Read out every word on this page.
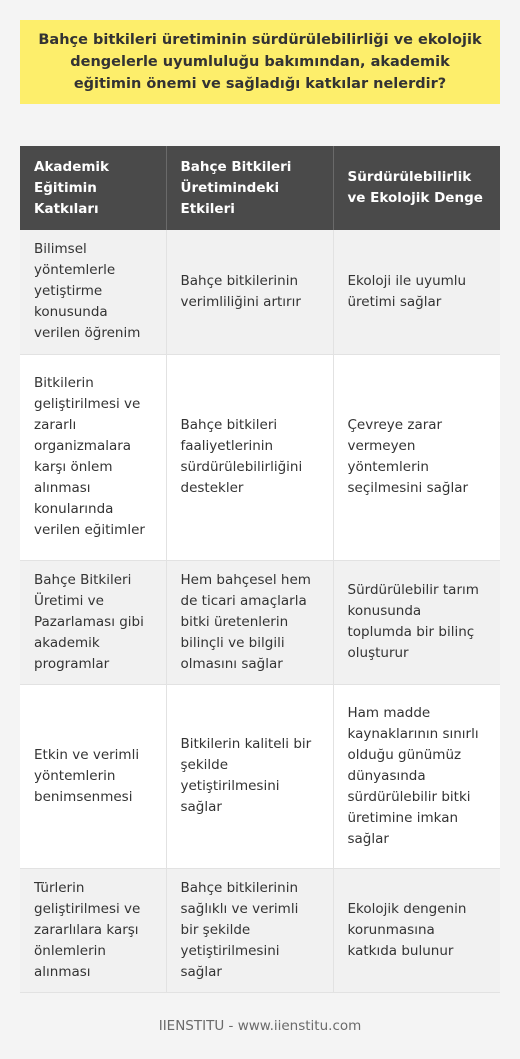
Bahçe bitkileri üretiminin sürdürülebilirliği ve ekolojik dengelerle uyumluluğu bakımından, akademik eğitimin önemi ve sağladığı katkılar nelerdir?
Akademik Eğitimin Katkıları	Bahçe Bitkileri Üretimindeki Etkileri	Sürdürülebilirlik ve Ekolojik Denge
Bilimsel yöntemlerle yetiştirme konusunda verilen öğrenim	Bahçe bitkilerinin verimliliğini artırır	Ekoloji ile uyumlu üretimi sağlar
Bitkilerin geliştirilmesi ve zararlı organizmalara karşı önlem alınması konularında verilen eğitimler	Bahçe bitkileri faaliyetlerinin sürdürülebilirliğini destekler	Çevreye zarar vermeyen yöntemlerin seçilmesini sağlar
Bahçe Bitkileri Üretimi ve Pazarlaması gibi akademik programlar	Hem bahçesel hem de ticari amaçlarla bitki üretenlerin bilinçli ve bilgili olmasını sağlar	Sürdürülebilir tarım konusunda toplumda bir bilinç oluşturur
Etkin ve verimli yöntemlerin benimsenmesi	Bitkilerin kaliteli bir şekilde yetiştirilmesini sağlar	Ham madde kaynaklarının sınırlı olduğu günümüz dünyasında sürdürülebilir bitki üretimine imkan sağlar
Türlerin geliştirilmesi ve zararlılara karşı önlemlerin alınması	Bahçe bitkilerinin sağlıklı ve verimli bir şekilde yetiştirilmesini sağlar	Ekolojik dengenin korunmasına katkıda bulunur
IIENSTITU - www.iienstitu.com
